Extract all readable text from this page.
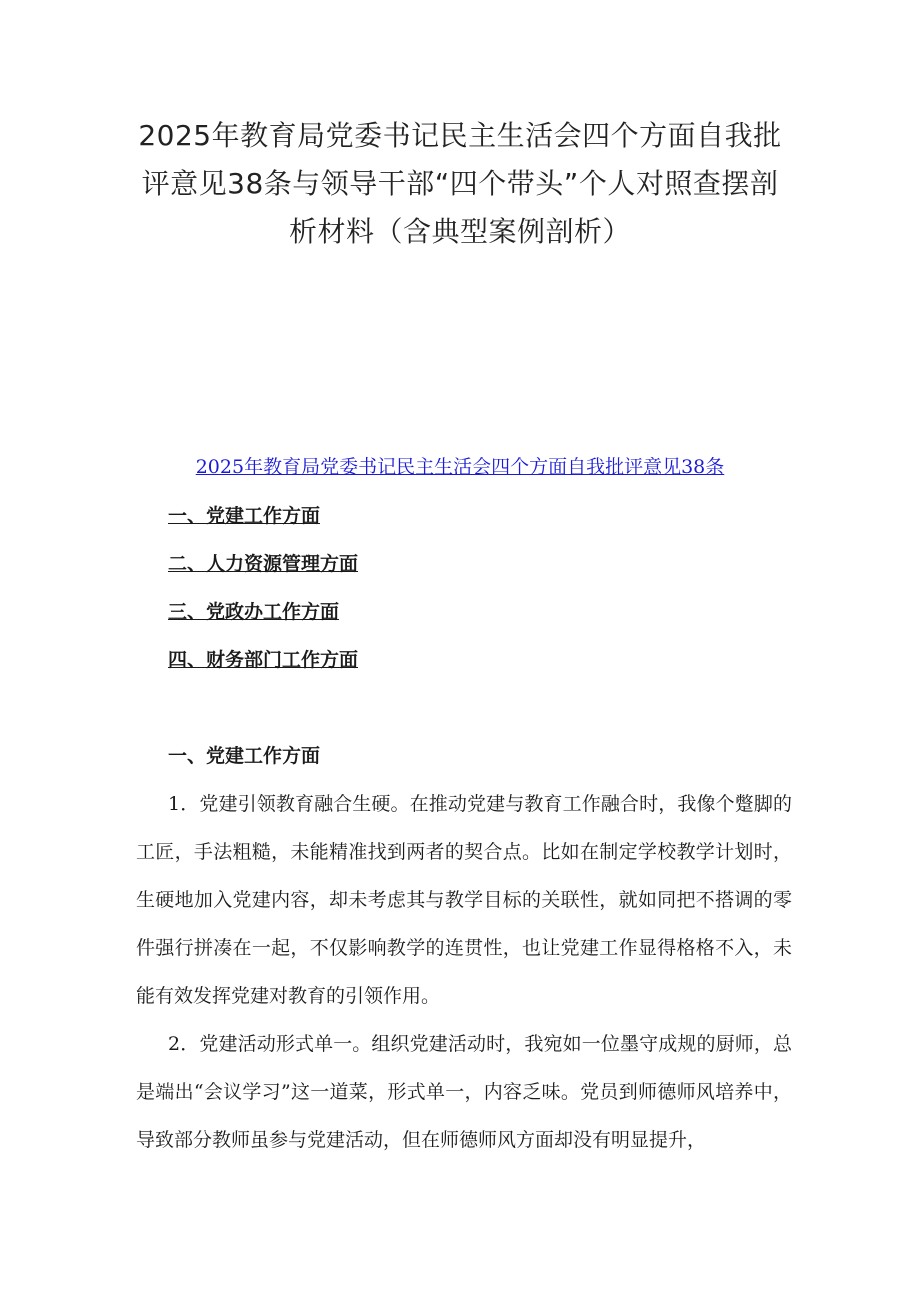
2025年教育局党委书记民主生活会四个方面自我批评意见38条与领导干部“四个带头”个人对照查摆剖析材料（含典型案例剖析）
2025年教育局党委书记民主生活会四个方面自我批评意见38条
一、党建工作方面
二、人力资源管理方面
三、党政办工作方面
四、财务部门工作方面
一、党建工作方面

1．党建引领教育融合生硬。在推动党建与教育工作融合时，我像个蹩脚的工匠，手法粗糙，未能精准找到两者的契合点。比如在制定学校教学计划时，生硬地加入党建内容，却未考虑其与教学目标的关联性，就如同把不搭调的零件强行拼凑在一起，不仅影响教学的连贯性，也让党建工作显得格格不入，未能有效发挥党建对教育的引领作用。

2．党建活动形式单一。组织党建活动时，我宛如一位墨守成规的厨师，总是端出“会议学习”这一道菜，形式单一，内容乏味。党员到师德师风培养中，导致部分教师虽参与党建活动，但在师德师风方面却没有明显提升，
